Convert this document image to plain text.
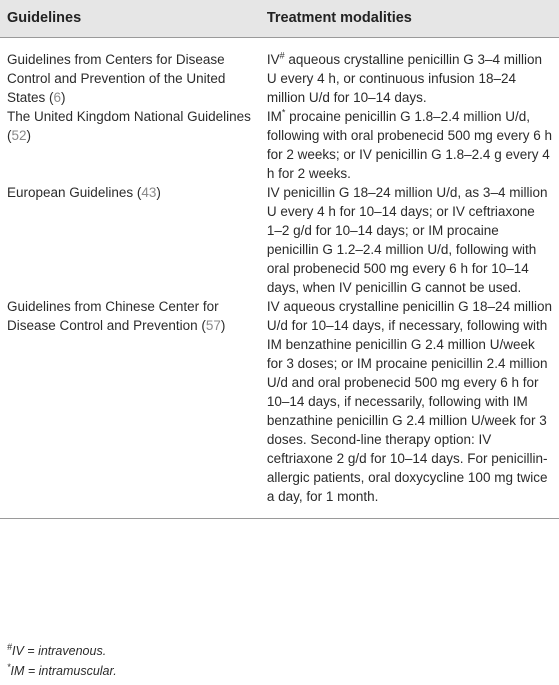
Guidelines	Treatment modalities
Guidelines from Centers for Disease Control and Prevention of the United States (6)	IV# aqueous crystalline penicillin G 3–4 million U every 4 h, or continuous infusion 18–24 million U/d for 10–14 days.
The United Kingdom National Guidelines (52)	IM* procaine penicillin G 1.8–2.4 million U/d, following with oral probenecid 500 mg every 6 h for 2 weeks; or IV penicillin G 1.8–2.4 g every 4 h for 2 weeks.
European Guidelines (43)	IV penicillin G 18–24 million U/d, as 3–4 million U every 4 h for 10–14 days; or IV ceftriaxone 1–2 g/d for 10–14 days; or IM procaine penicillin G 1.2–2.4 million U/d, following with oral probenecid 500 mg every 6 h for 10–14 days, when IV penicillin G cannot be used.
Guidelines from Chinese Center for Disease Control and Prevention (57)	IV aqueous crystalline penicillin G 18–24 million U/d for 10–14 days, if necessary, following with IM benzathine penicillin G 2.4 million U/week for 3 doses; or IM procaine penicillin 2.4 million U/d and oral probenecid 500 mg every 6 h for 10–14 days, if necessarily, following with IM benzathine penicillin G 2.4 million U/week for 3 doses. Second-line therapy option: IV ceftriaxone 2 g/d for 10–14 days. For penicillin-allergic patients, oral doxycycline 100 mg twice a day, for 1 month.
#IV = intravenous.
*IM = intramuscular.
